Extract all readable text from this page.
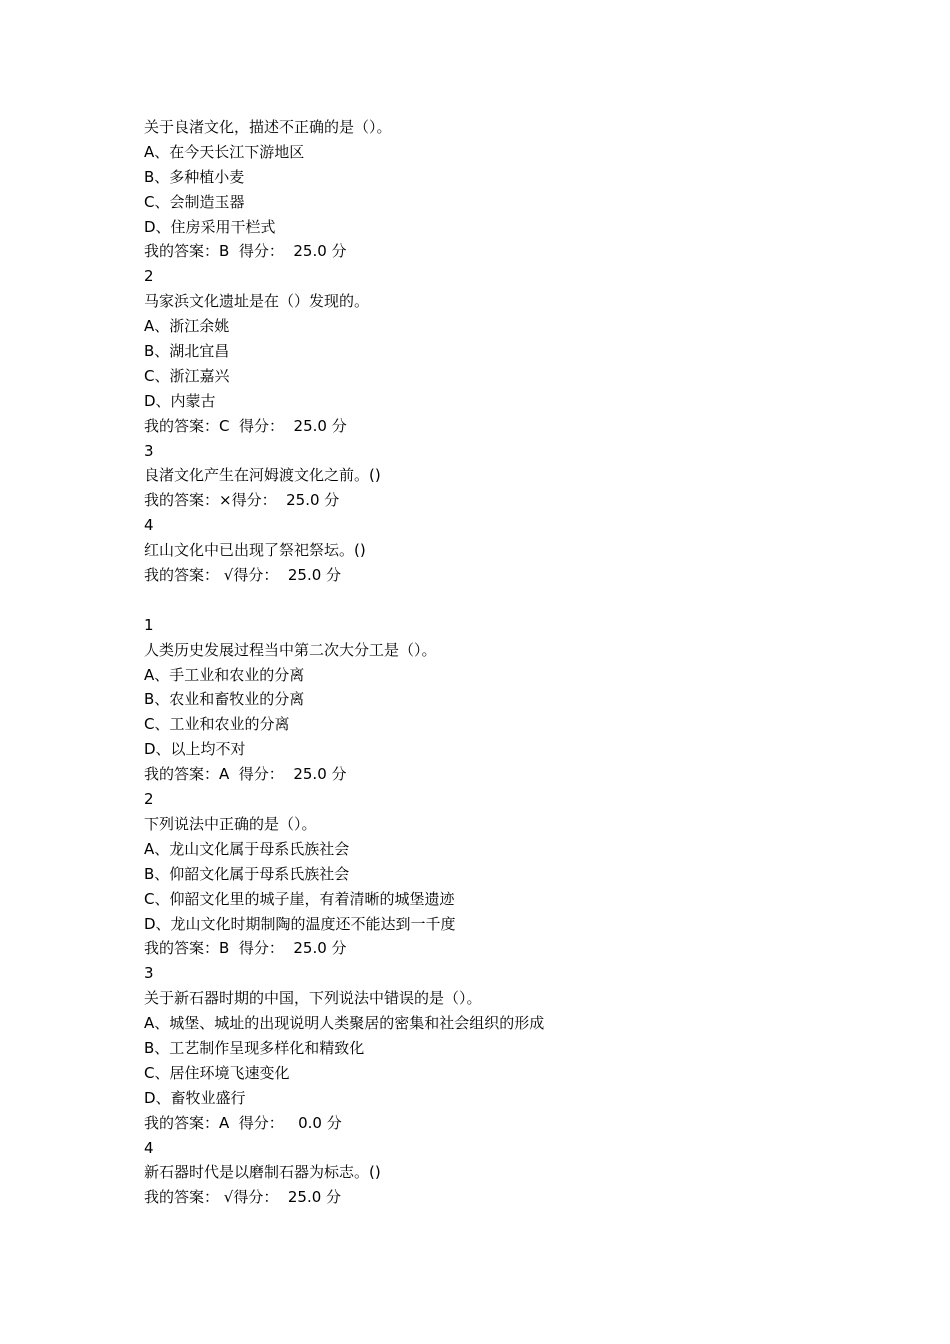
关于良渚文化，描述不正确的是（）。
A、在今天长江下游地区
B、多种植小麦
C、会制造玉器
D、住房采用干栏式
我的答案：B  得分：  25.0 分
2
马家浜文化遗址是在（）发现的。
A、浙江余姚
B、湖北宜昌
C、浙江嘉兴
D、内蒙古
我的答案：C  得分：  25.0 分
3
良渚文化产生在河姆渡文化之前。()
我的答案：×得分：  25.0 分
4
红山文化中已出现了祭祀祭坛。()
我的答案： √得分：  25.0 分
1
人类历史发展过程当中第二次大分工是（）。
A、手工业和农业的分离
B、农业和畜牧业的分离
C、工业和农业的分离
D、以上均不对
我的答案：A  得分：  25.0 分
2
下列说法中正确的是（）。
A、龙山文化属于母系氏族社会
B、仰韶文化属于母系氏族社会
C、仰韶文化里的城子崖，有着清晰的城堡遗迹
D、龙山文化时期制陶的温度还不能达到一千度
我的答案：B  得分：  25.0 分
3
关于新石器时期的中国，下列说法中错误的是（）。
A、城堡、城址的出现说明人类聚居的密集和社会组织的形成
B、工艺制作呈现多样化和精致化
C、居住环境飞速变化
D、畜牧业盛行
我的答案：A  得分：   0.0 分
4
新石器时代是以磨制石器为标志。()
我的答案： √得分：  25.0 分
